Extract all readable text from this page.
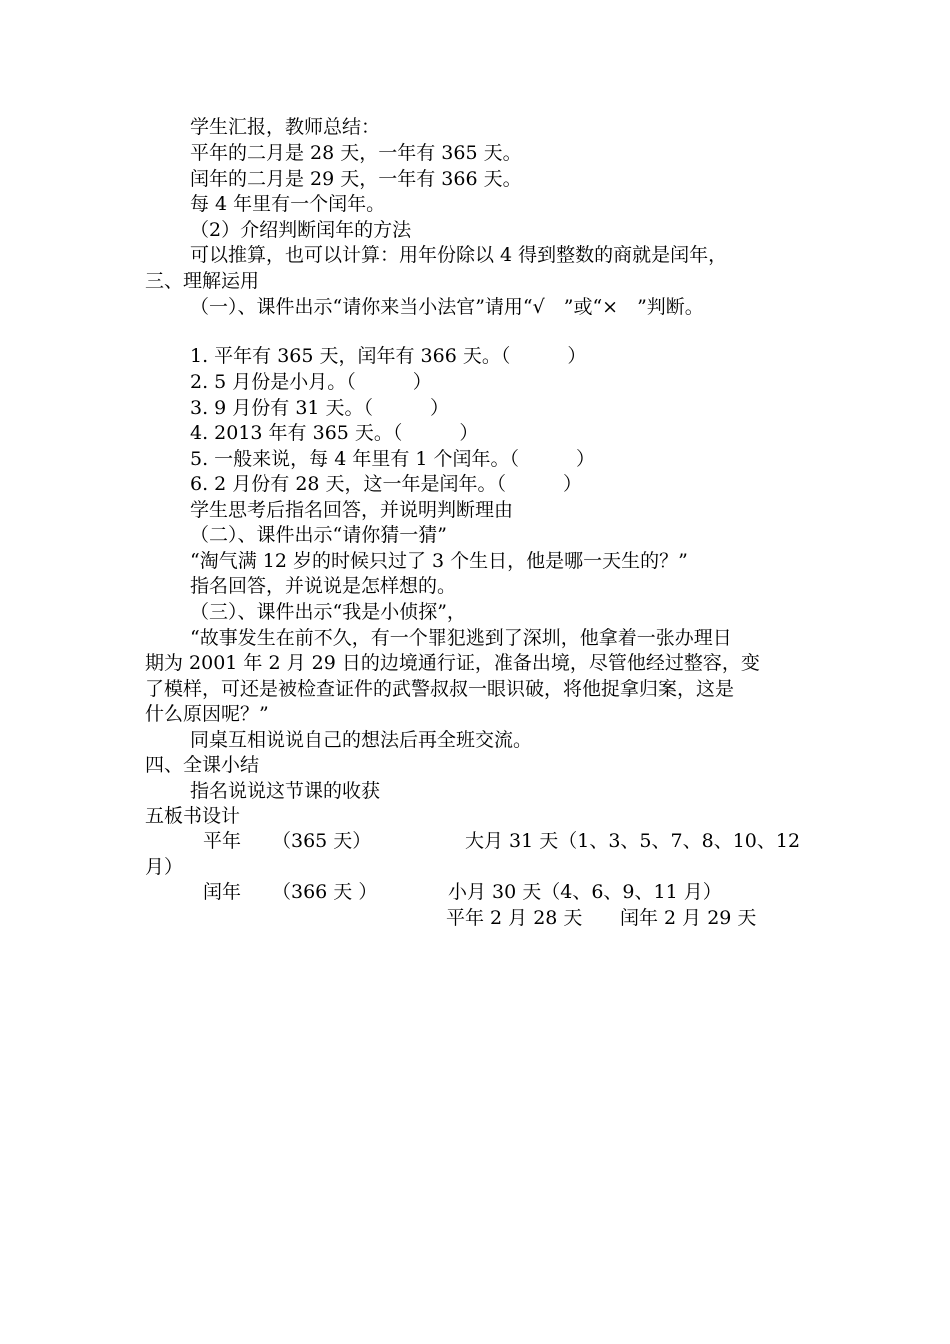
学生汇报，教师总结：
平年的二月是 28 天，一年有 365 天。
闰年的二月是 29 天，一年有 366 天。
每 4 年里有一个闰年。
（2）介绍判断闰年的方法
可以推算，也可以计算：用年份除以 4 得到整数的商就是闰年，
三、理解运用
（一）、课件出示“请你来当小法官”请用“√　”或“×　”判断。
1. 平年有 365 天，闰年有 366 天。（　　　）
2. 5 月份是小月。（　　　）
3. 9 月份有 31 天。（　　　）
4. 2013 年有 365 天。（　　　）
5. 一般来说，每 4 年里有 1 个闰年。（　　　）
6. 2 月份有 28 天，这一年是闰年。（　　　）
学生思考后指名回答，并说明判断理由
（二）、课件出示“请你猜一猜”
“淘气满 12 岁的时候只过了 3 个生日，他是哪一天生的？”
指名回答，并说说是怎样想的。
（三）、课件出示“我是小侦探”，
“故事发生在前不久，有一个罪犯逃到了深圳，他拿着一张办理日
期为 2001 年 2 月 29 日的边境通行证，准备出境，尽管他经过整容，变
了模样，可还是被检查证件的武警叔叔一眼识破，将他捉拿归案，这是
什么原因呢？”
同桌互相说说自己的想法后再全班交流。
四、全课小结
指名说说这节课的收获
五板书设计
平年 （365 天）	大月 31 天（1、3、5、7、8、10、12
月）
闰年 （366 天 ）	小月 30 天（4、6、9、11 月）
平年 2 月 28 天 闰年 2 月 29 天
